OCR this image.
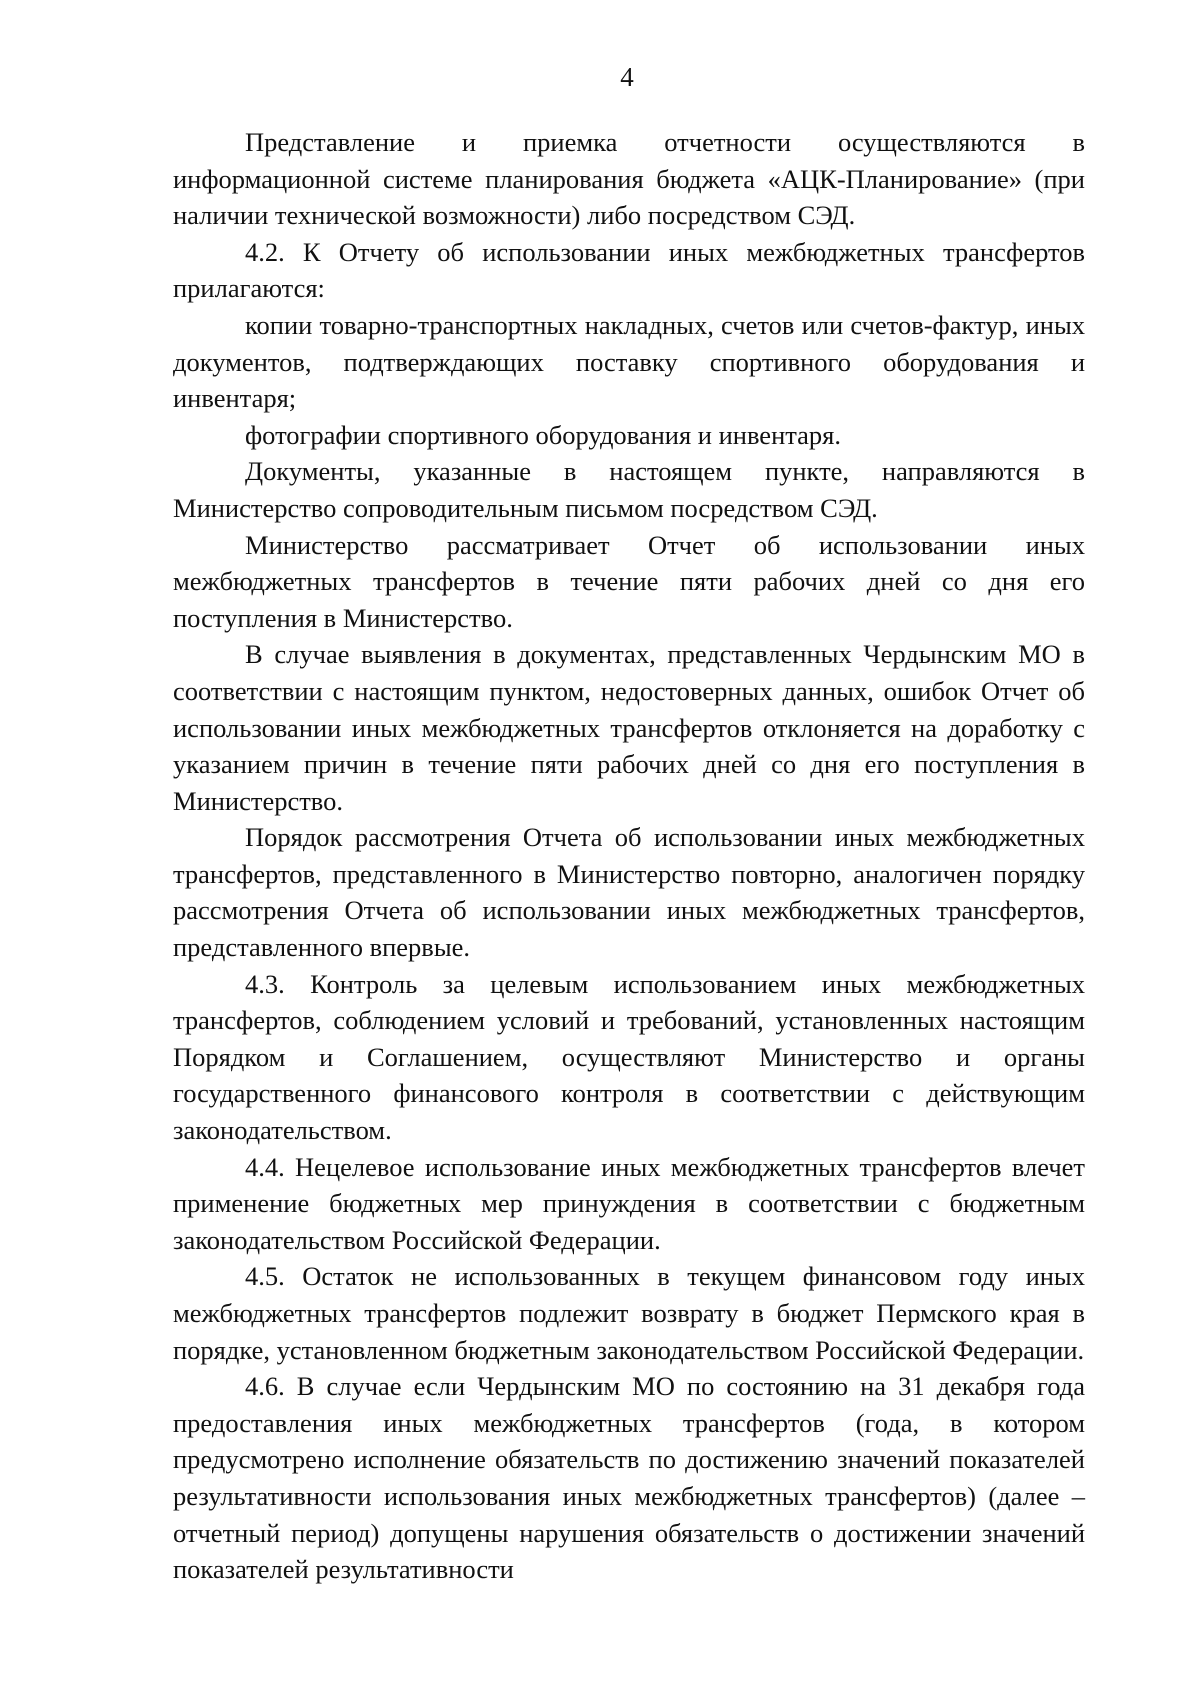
4

Представление и приемка отчетности осуществляются в информационной системе планирования бюджета «АЦК-Планирование» (при наличии технической возможности) либо посредством СЭД.

4.2. К Отчету об использовании иных межбюджетных трансфертов прилагаются:

копии товарно-транспортных накладных, счетов или счетов-фактур, иных документов, подтверждающих поставку спортивного оборудования и инвентаря;

фотографии спортивного оборудования и инвентаря.

Документы, указанные в настоящем пункте, направляются в Министерство сопроводительным письмом посредством СЭД.

Министерство рассматривает Отчет об использовании иных межбюджетных трансфертов в течение пяти рабочих дней со дня его поступления в Министерство.

В случае выявления в документах, представленных Чердынским МО в соответствии с настоящим пунктом, недостоверных данных, ошибок Отчет об использовании иных межбюджетных трансфертов отклоняется на доработку с указанием причин в течение пяти рабочих дней со дня его поступления в Министерство.

Порядок рассмотрения Отчета об использовании иных межбюджетных трансфертов, представленного в Министерство повторно, аналогичен порядку рассмотрения Отчета об использовании иных межбюджетных трансфертов, представленного впервые.

4.3. Контроль за целевым использованием иных межбюджетных трансфертов, соблюдением условий и требований, установленных настоящим Порядком и Соглашением, осуществляют Министерство и органы государственного финансового контроля в соответствии с действующим законодательством.

4.4. Нецелевое использование иных межбюджетных трансфертов влечет применение бюджетных мер принуждения в соответствии с бюджетным законодательством Российской Федерации.

4.5. Остаток не использованных в текущем финансовом году иных межбюджетных трансфертов подлежит возврату в бюджет Пермского края в порядке, установленном бюджетным законодательством Российской Федерации.

4.6. В случае если Чердынским МО по состоянию на 31 декабря года предоставления иных межбюджетных трансфертов (года, в котором предусмотрено исполнение обязательств по достижению значений показателей результативности использования иных межбюджетных трансфертов) (далее – отчетный период) допущены нарушения обязательств о достижении значений показателей результативности
